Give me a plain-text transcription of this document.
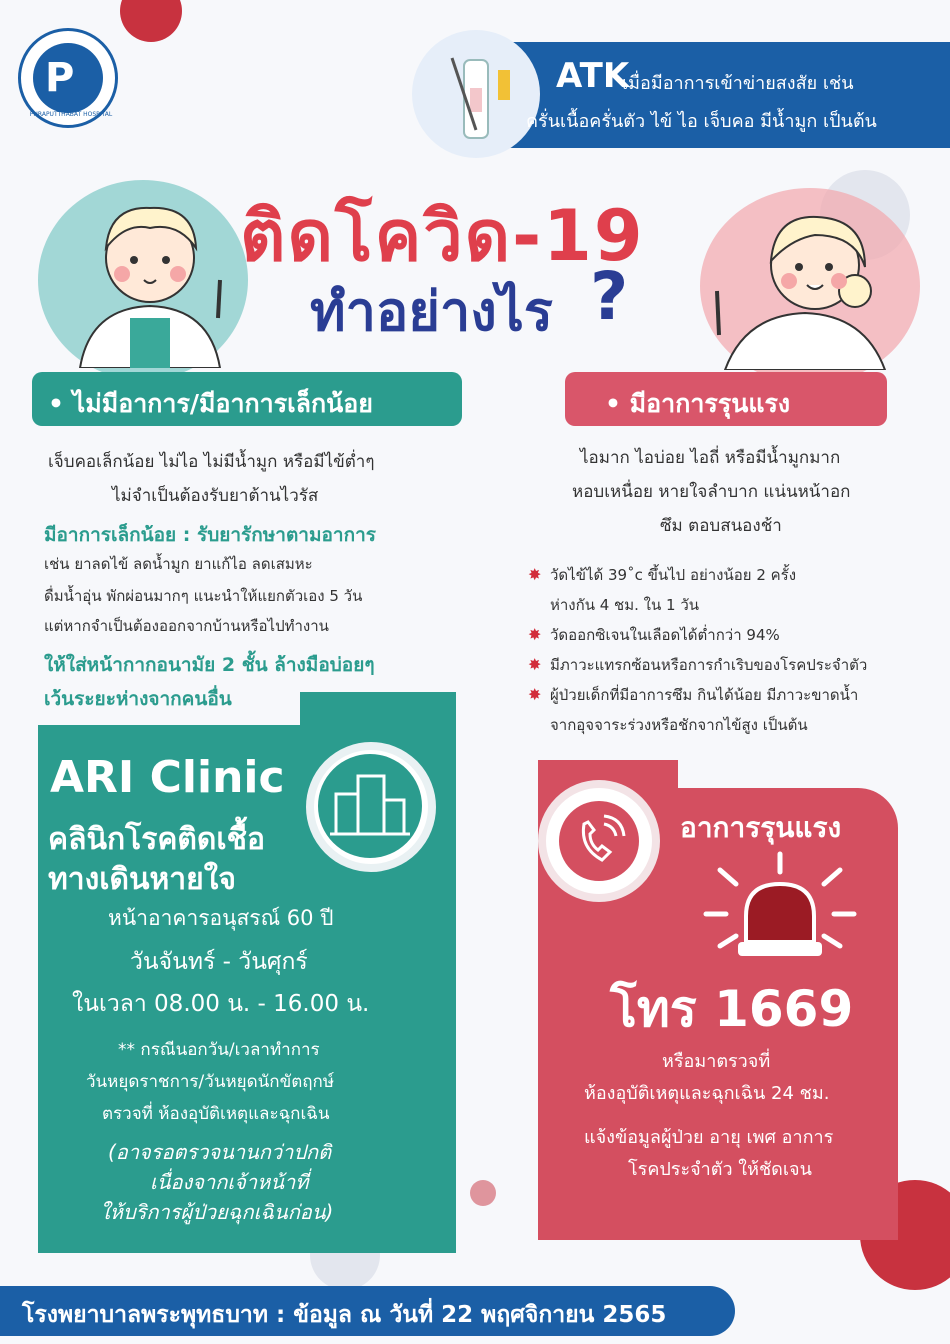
P
PHRAPUTTHABAT HOSPITAL
ATK
เมื่อมีอาการเข้าข่ายสงสัย เช่น
ครั่นเนื้อครั่นตัว ไข้ ไอ เจ็บคอ มีน้ำมูก เป็นต้น
ติดโควิด-19
ทำอย่างไร ?
• ไม่มีอาการ/มีอาการเล็กน้อย	• มีอาการรุนแรง
เจ็บคอเล็กน้อย ไม่ไอ ไม่มีน้ำมูก หรือมีไข้ต่ำๆ
ไม่จำเป็นต้องรับยาต้านไวรัส
มีอาการเล็กน้อย : รับยารักษาตามอาการ
เช่น ยาลดไข้ ลดน้ำมูก ยาแก้ไอ ลดเสมหะ
ดื่มน้ำอุ่น พักผ่อนมากๆ แนะนำให้แยกตัวเอง 5 วัน
แต่หากจำเป็นต้องออกจากบ้านหรือไปทำงาน
ให้ใส่หน้ากากอนามัย 2 ชั้น ล้างมือบ่อยๆ
เว้นระยะห่างจากคนอื่น
ไอมาก ไอบ่อย ไอถี่ หรือมีน้ำมูกมาก
หอบเหนื่อย หายใจลำบาก แน่นหน้าอก
ซึม ตอบสนองช้า
✸ วัดไข้ได้ 39˚c ขึ้นไป อย่างน้อย 2 ครั้ง
ห่างกัน 4 ชม. ใน 1 วัน
✸ วัดออกซิเจนในเลือดได้ต่ำกว่า 94%
✸ มีภาวะแทรกซ้อนหรือการกำเริบของโรคประจำตัว
✸ ผู้ป่วยเด็กที่มีอาการซึม กินได้น้อย มีภาวะขาดน้ำ
จากอุจจาระร่วงหรือชักจากไข้สูง เป็นต้น
ARI Clinic
คลินิกโรคติดเชื้อ
ทางเดินหายใจ
หน้าอาคารอนุสรณ์ 60 ปี
วันจันทร์ - วันศุกร์
ในเวลา 08.00 น. - 16.00 น.
** กรณีนอกวัน/เวลาทำการ
วันหยุดราชการ/วันหยุดนักขัตฤกษ์
ตรวจที่ ห้องอุบัติเหตุและฉุกเฉิน
(อาจรอตรวจนานกว่าปกติ
เนื่องจากเจ้าหน้าที่
ให้บริการผู้ป่วยฉุกเฉินก่อน)
อาการรุนแรง
โทร 1669
หรือมาตรวจที่
ห้องอุบัติเหตุและฉุกเฉิน 24 ชม.
แจ้งข้อมูลผู้ป่วย อายุ เพศ อาการ
โรคประจำตัว ให้ชัดเจน
โรงพยาบาลพระพุทธบาท : ข้อมูล ณ วันที่ 22 พฤศจิกายน 2565
